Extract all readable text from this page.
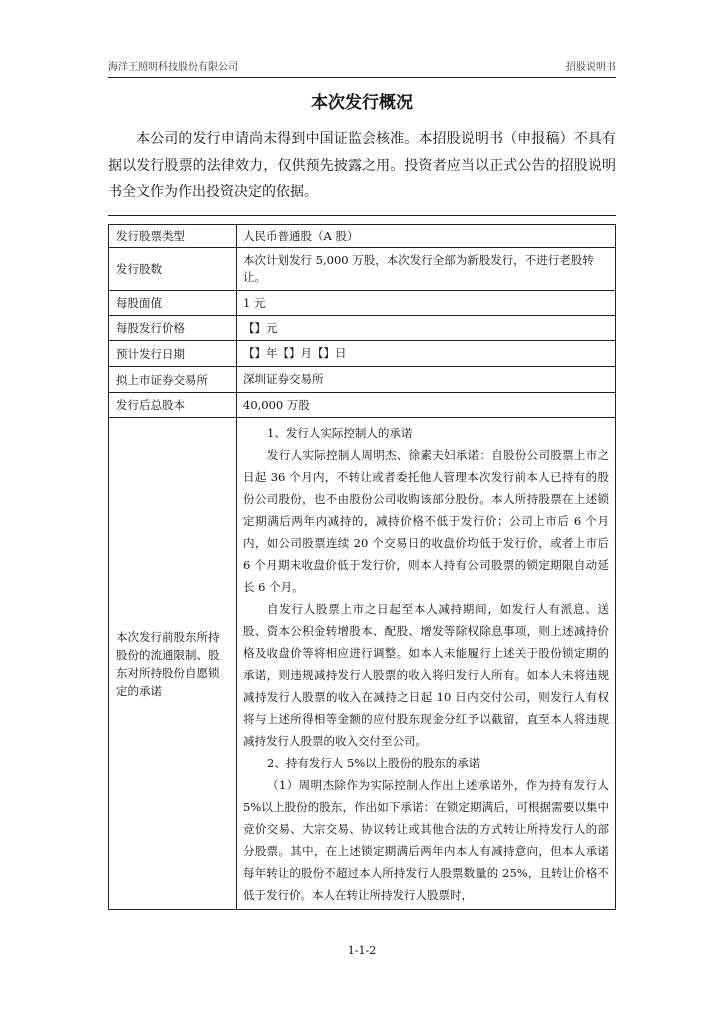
海洋王照明科技股份有限公司	招股说明书
本次发行概况

本公司的发行申请尚未得到中国证监会核准。本招股说明书（申报稿）不具有据以发行股票的法律效力，仅供预先披露之用。投资者应当以正式公告的招股说明书全文作为作出投资决定的依据。

发行股票类型	人民币普通股（A 股）
发行股数	本次计划发行 5,000 万股，本次发行全部为新股发行，不进行老股转让。
每股面值	1 元
每股发行价格	【】元
预计发行日期	【】年【】月【】日
拟上市证券交易所	深圳证券交易所
发行后总股本	40,000 万股
本次发行前股东所持股份的流通限制、股东对所持股份自愿锁定的承诺	1、发行人实际控制人的承诺

发行人实际控制人周明杰、徐素夫妇承诺：自股份公司股票上市之日起 36 个月内，不转让或者委托他人管理本次发行前本人已持有的股份公司股份，也不由股份公司收购该部分股份。本人所持股票在上述锁定期满后两年内减持的，减持价格不低于发行价；公司上市后 6 个月内，如公司股票连续 20 个交易日的收盘价均低于发行价，或者上市后 6 个月期末收盘价低于发行价，则本人持有公司股票的锁定期限自动延长 6 个月。

自发行人股票上市之日起至本人减持期间，如发行人有派息、送股、资本公积金转增股本、配股、增发等除权除息事项，则上述减持价格及收盘价等将相应进行调整。如本人未能履行上述关于股份锁定期的承诺，则违规减持发行人股票的收入将归发行人所有。如本人未将违规减持发行人股票的收入在减持之日起 10 日内交付公司，则发行人有权将与上述所得相等金额的应付股东现金分红予以截留，直至本人将违规减持发行人股票的收入交付至公司。

2、持有发行人 5%以上股份的股东的承诺

（1）周明杰除作为实际控制人作出上述承诺外，作为持有发行人 5%以上股份的股东，作出如下承诺：在锁定期满后，可根据需要以集中竞价交易、大宗交易、协议转让或其他合法的方式转让所持发行人的部分股票。其中，在上述锁定期满后两年内本人有减持意向，但本人承诺每年转让的股份不超过本人所持发行人股票数量的 25%，且转让价格不低于发行价。本人在转让所持发行人股票时，

1-1-2
